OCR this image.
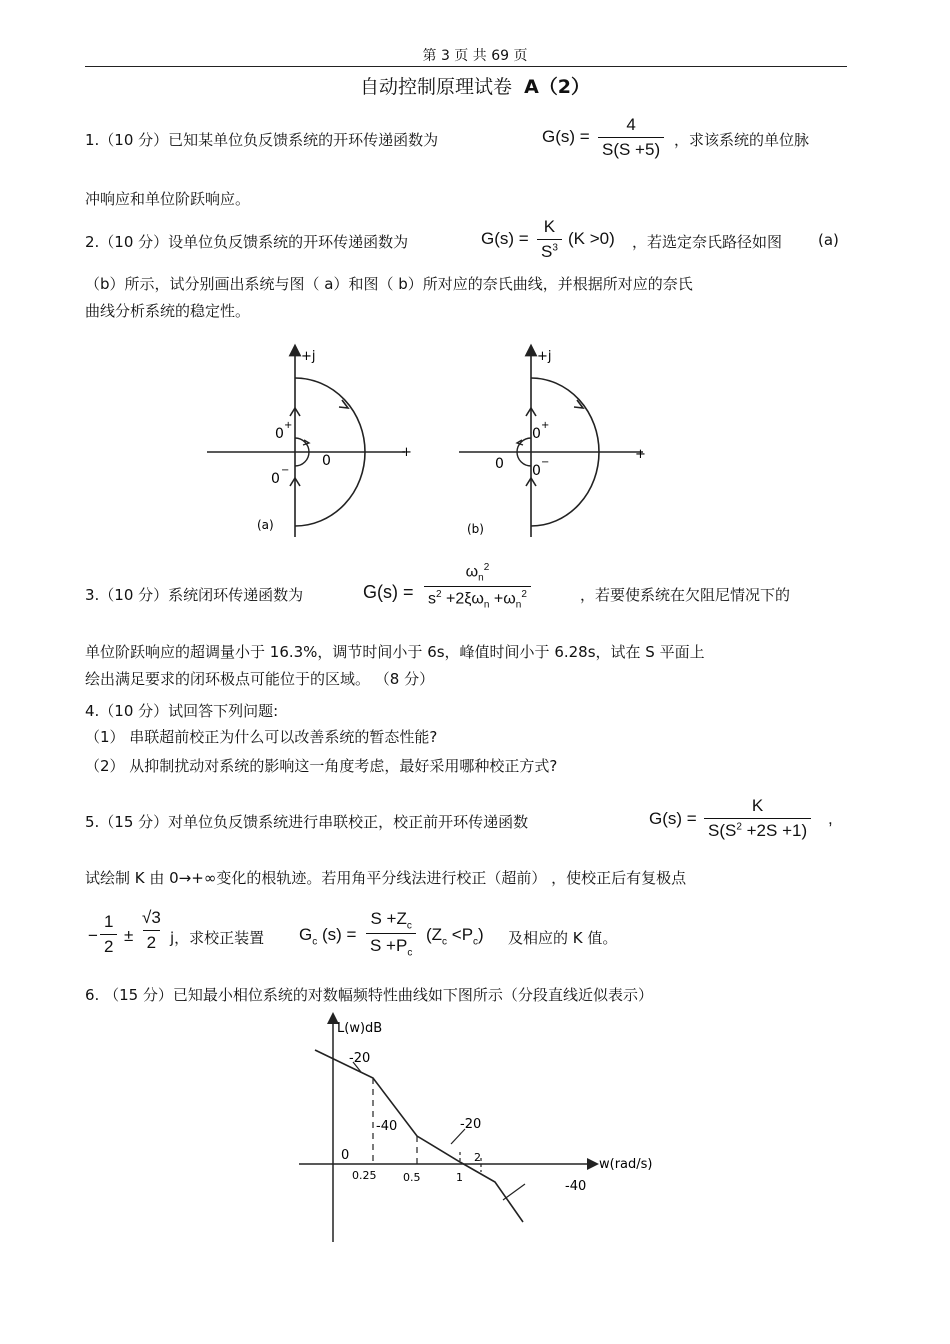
第 3 页 共 69 页
自动控制原理试卷 A（2）
1.（10 分）已知某单位负反馈系统的开环传递函数为	$G(s) = \frac{4}{S(S +5)}$ ，求该系统的单位脉
冲响应和单位阶跃响应。
2.（10 分）设单位负反馈系统的开环传递函数为	$G(s) = \frac{K}{S^3} (K >0)$ ，若选定奈氏路径如图 (a)
（b）所示，试分别画出系统与图（ a）和图（ b）所对应的奈氏曲线，并根据所对应的奈氏
曲线分析系统的稳定性。
+j
+
0
+
0
−
0
(a)
+j
+
0
+
0
−
0
(b)
3.（10 分）系统闭环传递函数为	G(s) =
$\omega_n^2$
$s^2 +2\xi\omega_n +\omega_n^2$	，若要使系统在欠阻尼情况下的
单位阶跃响应的超调量小于 16.3%，调节时间小于 6s，峰值时间小于 6.28s，试在 S 平面上
绘出满足要求的闭环极点可能位于的区域。 （8 分）
4.（10 分）试回答下列问题:
（1） 串联超前校正为什么可以改善系统的暂态性能?
（2） 从抑制扰动对系统的影响这一角度考虑，最好采用哪种校正方式?
5.（15 分）对单位负反馈系统进行串联校正，校正前开环传递函数	$G(s) = \frac{K}{S(S^2 +2S +1)}$ ,
试绘制 K 由 0→+∞变化的根轨迹。若用角平分线法进行校正（超前） ，使校正后有复极点
− $\frac{1}{2} \pm \frac{√3}{2}$ j，求校正装置 $G_c$ $(s) = \frac{S +Z_c}{S +P_c} (Z_c <P_c)$ 及相应的 K 值。
6. （15 分）已知最小相位系统的对数幅频特性曲线如下图所示（分段直线近似表示）
L(w)dB
w(rad/s)
0
0.25 0.5	1
2
-20
-40	-20
-40
